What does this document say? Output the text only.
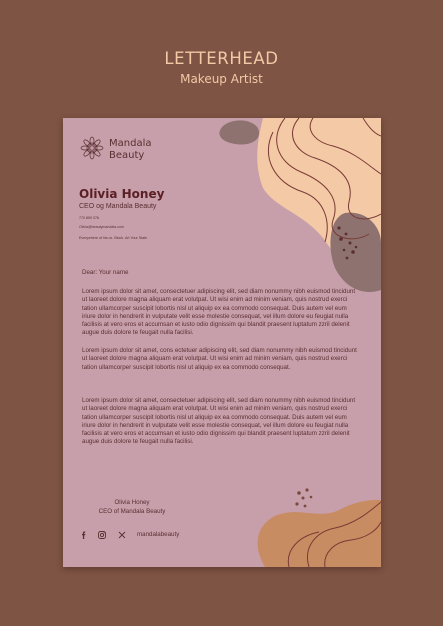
LETTERHEAD
Makeup Artist
Mandala
Beauty
Olivia Honey
CEO og Mandala Beauty
770 859 376
Olivia@beautymandala.com
Everywhere of his ox. Block. Art Your State
Dear: Your name

Lorem ipsum dolor sit amet, consectetuer adipiscing elit, sed diam nonummy nibh euismod tincidunt ut laoreet dolore magna aliquam erat volutpat. Ut wisi enim ad minim veniam, quis nostrud exerci tation ullamcorper suscipit lobortis nisl ut aliquip ex ea commodo consequat. Duis autem vel eum iriure dolor in hendrerit in vulputate velit esse molestie consequat, vel illum dolore eu feugiat nulla facilisis at vero eros et accumsan et iusto odio dignissim qui blandit praesent luptatum zzril delenit augue duis dolore te feugait nulla facilisi.

Lorem ipsum dolor sit amet, cons ectetuer adipiscing elit, sed diam nonummy nibh euismod tincidunt ut laoreet dolore magna aliquam erat volutpat. Ut wisi enim ad minim veniam, quis nostrud exerci tation ullamcorper suscipit lobortis nisl ut aliquip ex ea commodo consequat.

Lorem ipsum dolor sit amet, consectetuer adipiscing elit, sed diam nonummy nibh euismod tincidunt ut laoreet dolore magna aliquam erat volutpat. Ut wisi enim ad minim veniam, quis nostrud exerci tation ullamcorper suscipit lobortis nisl ut aliquip ex ea commodo consequat. Duis autem vel eum iriure dolor in hendrerit in vulputate velit esse molestie consequat, vel illum dolore eu feugiat nulla facilisis at vero eros et accumsan et iusto odio dignissim qui blandit praesent luptatum zzril delenit augue duis dolore te feugait nulla facilisi.

Olivia Honey
CEO of Mandala Beauty
mandalabeauty
